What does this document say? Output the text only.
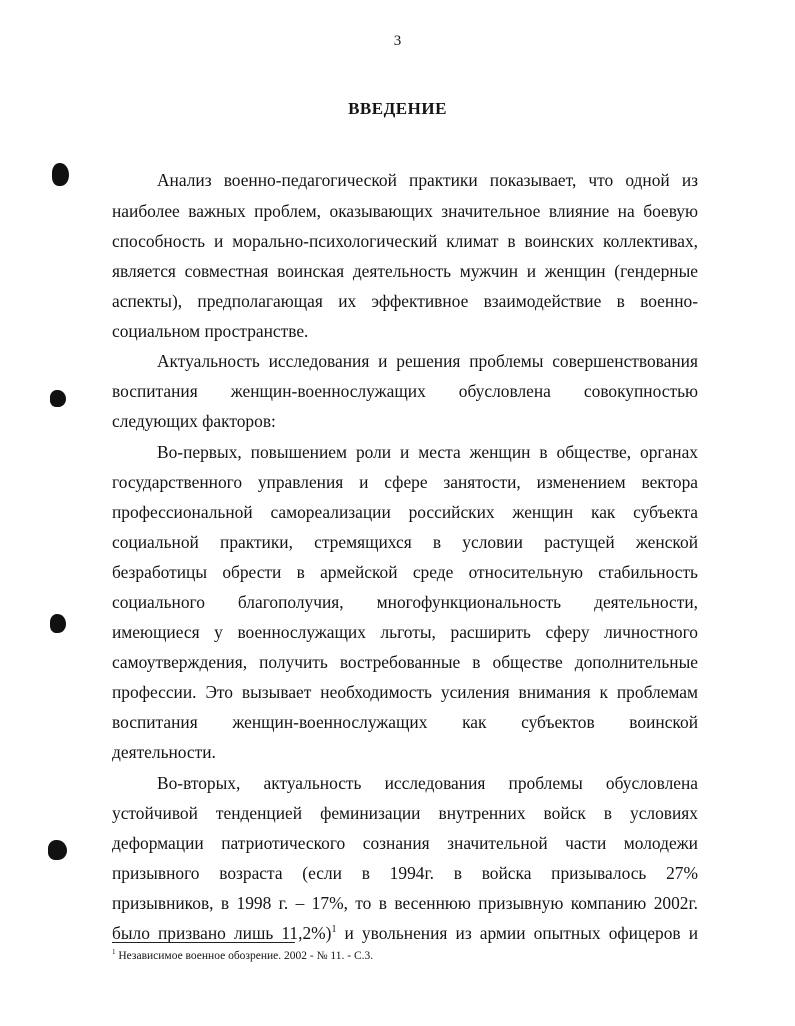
3
ВВЕДЕНИЕ
Анализ военно-педагогической практики показывает, что одной из
наиболее важных проблем, оказывающих значительное влияние на боевую
способность и морально-психологический климат в воинских коллективах,
является совместная воинская деятельность мужчин и женщин (гендерные
аспекты), предполагающая их эффективное взаимодействие в военно-
социальном пространстве.
Актуальность исследования и решения проблемы совершенствования
воспитания женщин-военнослужащих обусловлена совокупностью
следующих факторов:
Во-первых, повышением роли и места женщин в обществе, органах
государственного управления и сфере занятости, изменением вектора
профессиональной самореализации российских женщин как субъекта
социальной практики, стремящихся в условии растущей женской
безработицы обрести в армейской среде относительную стабильность
социального благополучия, многофункциональность деятельности,
имеющиеся у военнослужащих льготы, расширить сферу личностного
самоутверждения, получить востребованные в обществе дополнительные
профессии. Это вызывает необходимость усиления внимания к проблемам
воспитания женщин-военнослужащих как субъектов воинской
деятельности.
Во-вторых, актуальность исследования проблемы обусловлена
устойчивой тенденцией феминизации внутренних войск в условиях
деформации патриотического сознания значительной части молодежи
призывного возраста (если в 1994г. в войска призывалось 27%
призывников, в 1998 г. – 17%, то в весеннюю призывную компанию 2002г.
было призвано лишь 11,2%)$^1$ и увольнения из армии опытных офицеров и
$^1$ Независимое военное обозрение. 2002 - № 11. - С.3.
